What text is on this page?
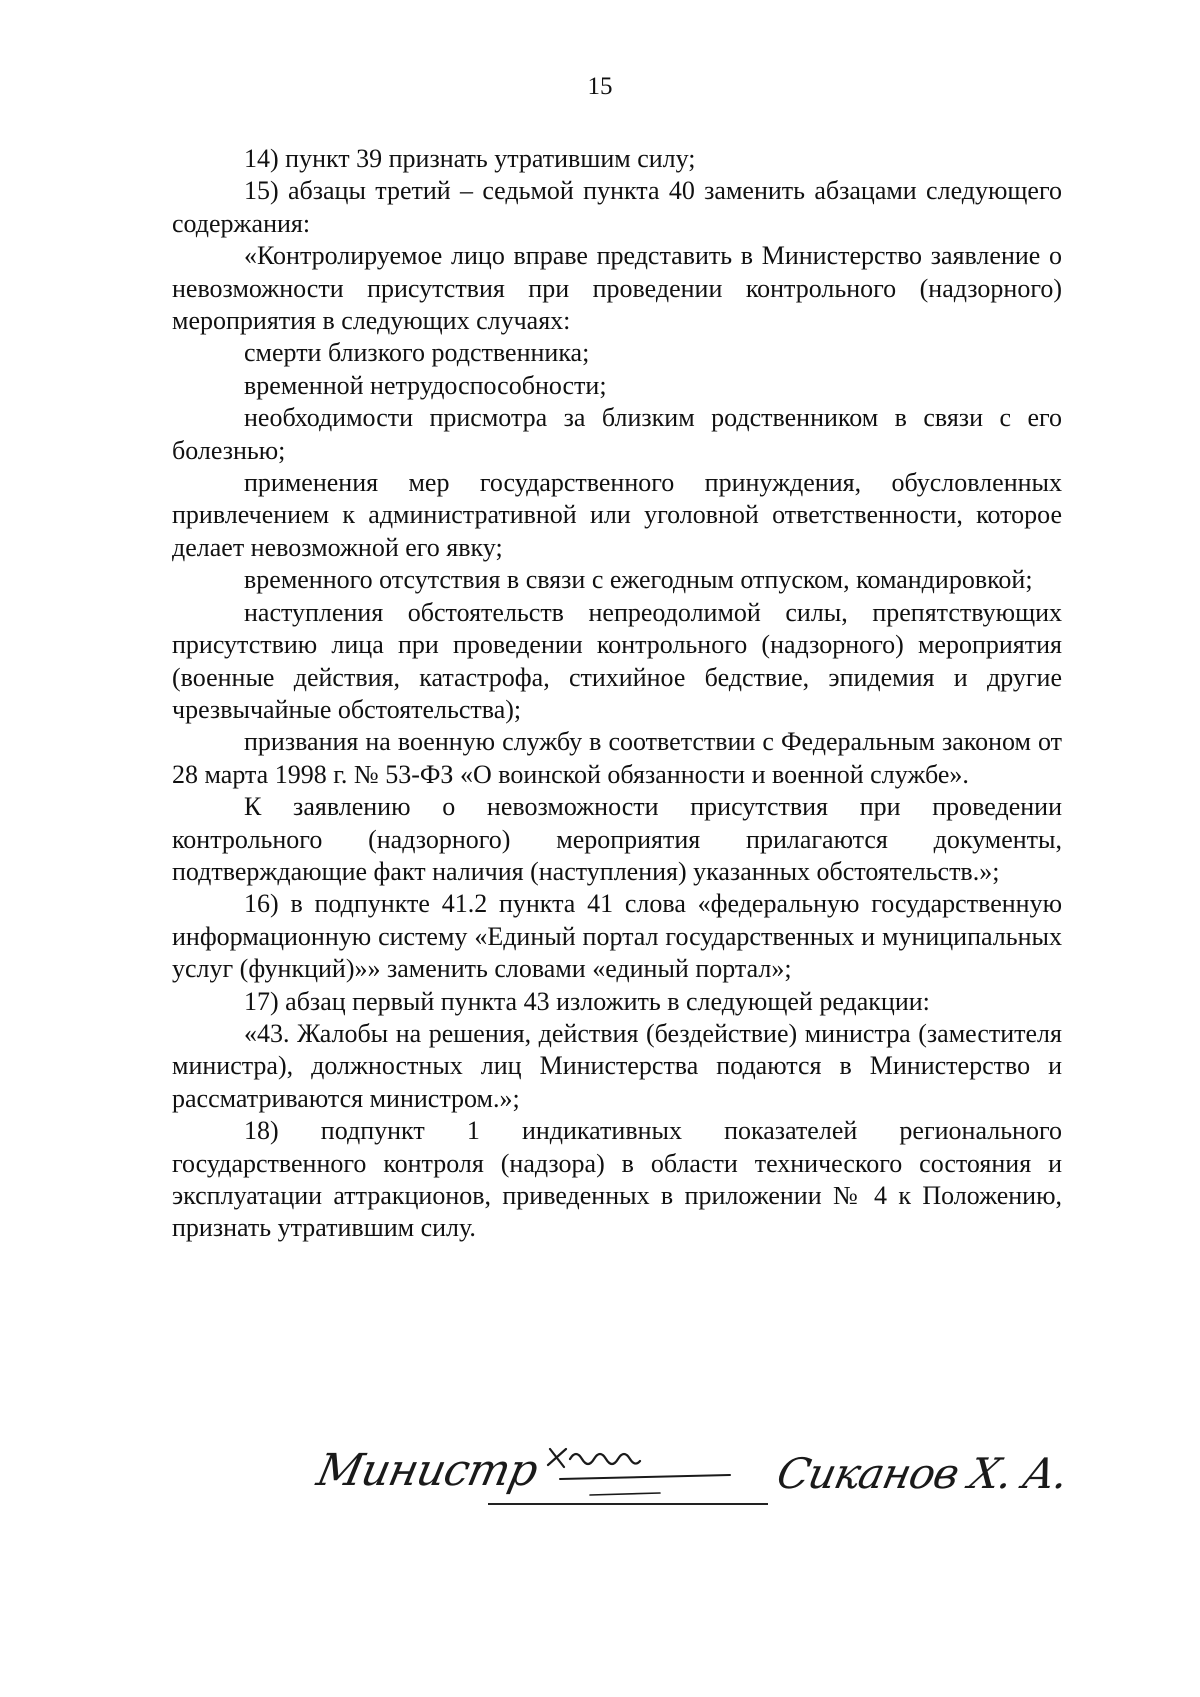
15

14) пункт 39 признать утратившим силу;

15) абзацы третий – седьмой пункта 40 заменить абзацами следующего содержания:

«Контролируемое лицо вправе представить в Министерство заявление о невозможности присутствия при проведении контрольного (надзорного) мероприятия в следующих случаях:

смерти близкого родственника;

временной нетрудоспособности;

необходимости присмотра за близким родственником в связи с его болезнью;

применения мер государственного принуждения, обусловленных привлечением к административной или уголовной ответственности, которое делает невозможной его явку;

временного отсутствия в связи с ежегодным отпуском, командировкой;

наступления обстоятельств непреодолимой силы, препятствующих присутствию лица при проведении контрольного (надзорного) мероприятия (военные действия, катастрофа, стихийное бедствие, эпидемия и другие чрезвычайные обстоятельства);

призвания на военную службу в соответствии с Федеральным законом от 28 марта 1998 г. № 53-ФЗ «О воинской обязанности и военной службе».

К заявлению о невозможности присутствия при проведении контрольного (надзорного) мероприятия прилагаются документы, подтверждающие факт наличия (наступления) указанных обстоятельств.»;

16) в подпункте 41.2 пункта 41 слова «федеральную государственную информационную систему «Единый портал государственных и муниципальных услуг (функций)»» заменить словами «единый портал»;

17) абзац первый пункта 43 изложить в следующей редакции:

«43. Жалобы на решения, действия (бездействие) министра (заместителя министра), должностных лиц Министерства подаются в Министерство и рассматриваются министром.»;

18) подпункт 1 индикативных показателей регионального государственного контроля (надзора) в области технического состояния и эксплуатации аттракционов, приведенных в приложении № 4 к Положению, признать утратившим силу.

Министр	Сиканов Х. А.
